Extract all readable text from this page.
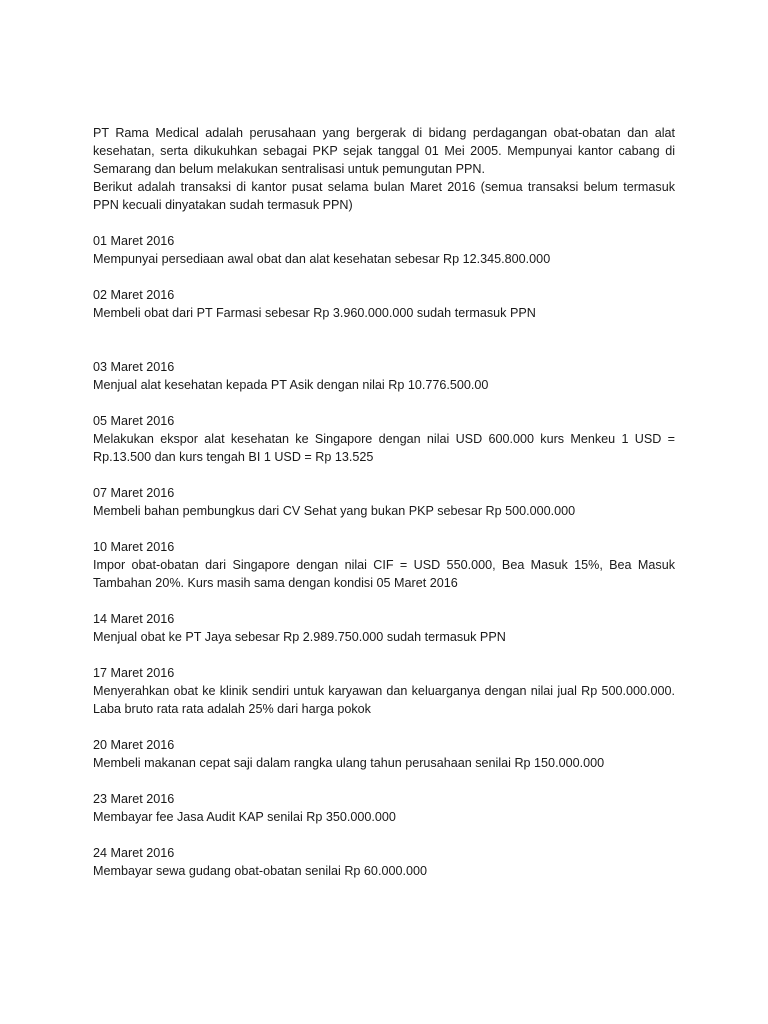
PT Rama Medical adalah perusahaan yang bergerak di bidang perdagangan obat-obatan dan alat kesehatan, serta dikukuhkan sebagai PKP sejak tanggal 01 Mei 2005. Mempunyai kantor cabang di Semarang dan belum melakukan sentralisasi untuk pemungutan PPN.

Berikut adalah transaksi di kantor pusat selama bulan Maret 2016 (semua transaksi belum termasuk PPN kecuali dinyatakan sudah termasuk PPN)

01 Maret 2016
Mempunyai persediaan awal obat dan alat kesehatan sebesar Rp 12.345.800.000
02 Maret 2016
Membeli obat dari PT Farmasi sebesar Rp 3.960.000.000 sudah termasuk PPN
03 Maret 2016
Menjual alat kesehatan kepada PT Asik dengan nilai Rp 10.776.500.00
05 Maret 2016
Melakukan ekspor alat kesehatan ke Singapore dengan nilai USD 600.000 kurs Menkeu 1 USD = Rp.13.500 dan kurs tengah BI 1 USD = Rp 13.525
07 Maret 2016
Membeli bahan pembungkus dari CV Sehat yang bukan PKP sebesar Rp 500.000.000
10 Maret 2016
Impor obat-obatan dari Singapore dengan nilai CIF = USD 550.000, Bea Masuk 15%, Bea Masuk Tambahan 20%. Kurs masih sama dengan kondisi 05 Maret 2016
14 Maret 2016
Menjual obat ke PT Jaya sebesar Rp 2.989.750.000 sudah termasuk PPN
17 Maret 2016
Menyerahkan obat ke klinik sendiri untuk karyawan dan keluarganya dengan nilai jual Rp 500.000.000. Laba bruto rata rata adalah 25% dari harga pokok
20 Maret 2016
Membeli makanan cepat saji dalam rangka ulang tahun perusahaan senilai Rp 150.000.000
23 Maret 2016
Membayar fee Jasa Audit KAP senilai Rp 350.000.000
24 Maret 2016
Membayar sewa gudang obat-obatan senilai Rp 60.000.000
